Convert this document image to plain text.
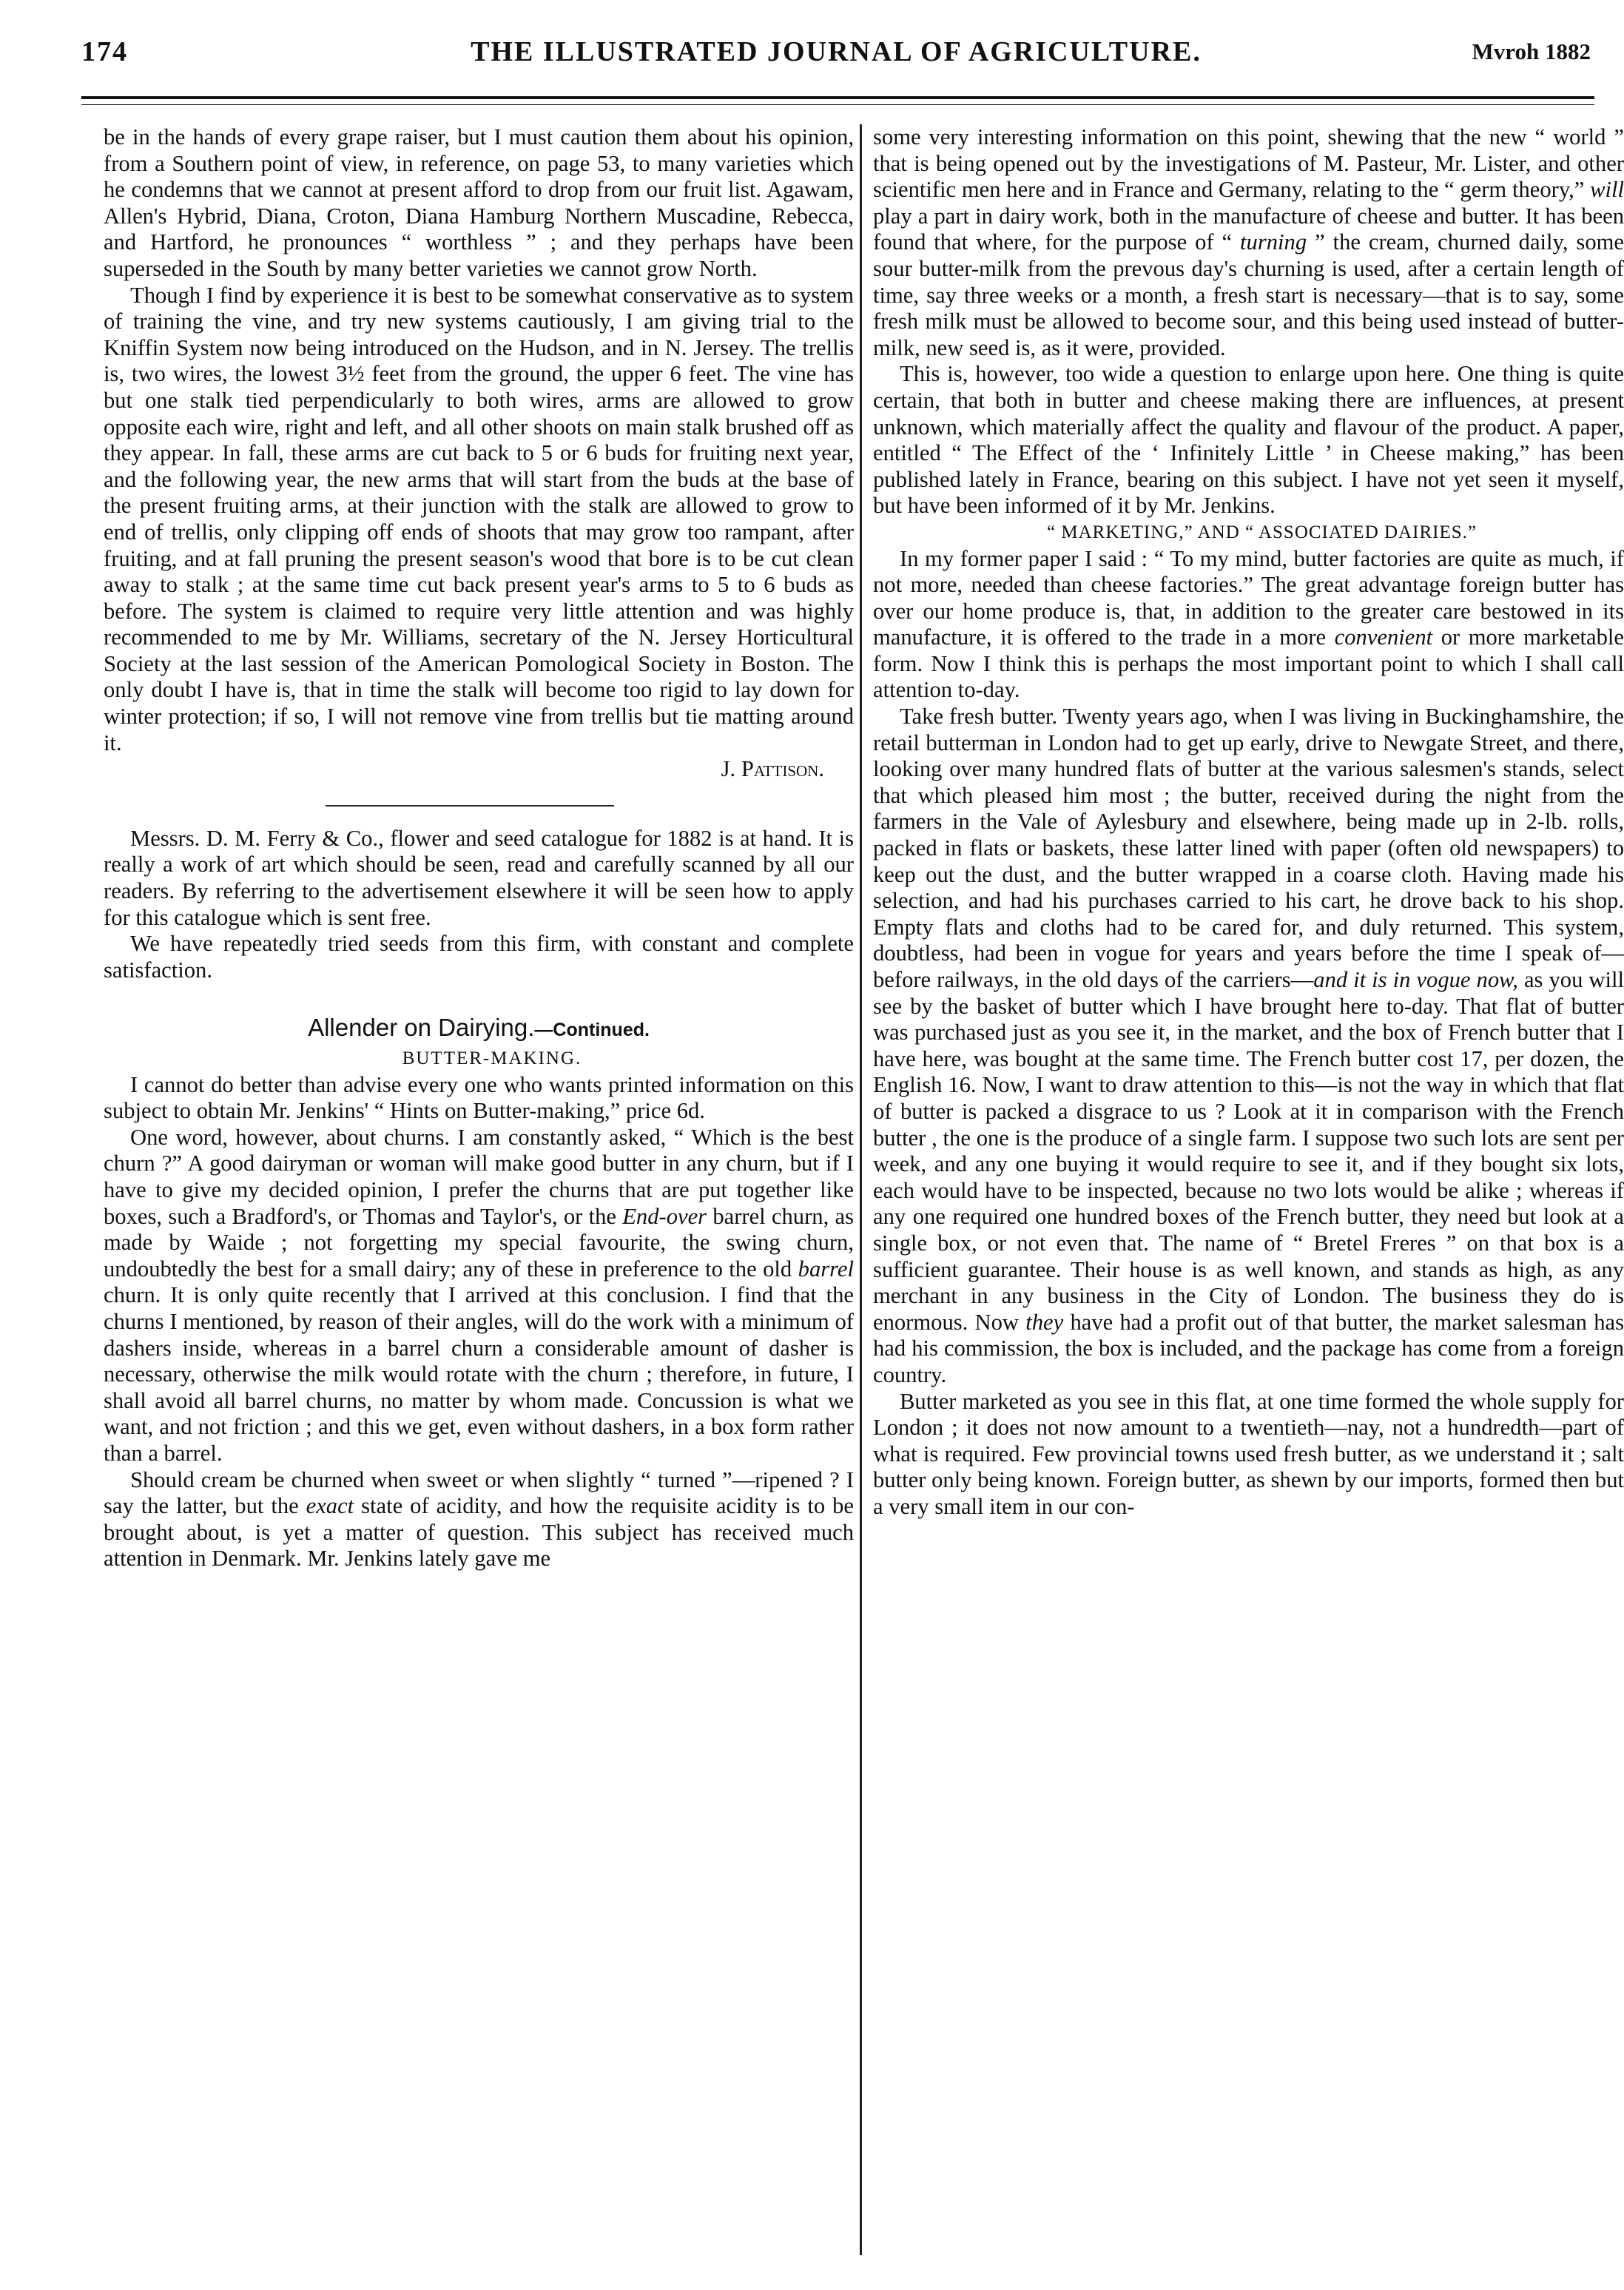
174	THE ILLUSTRATED JOURNAL OF AGRICULTURE.	Mvroh 1882

be in the hands of every grape raiser, but I must caution them about his opinion, from a Southern point of view, in reference, on page 53, to many varieties which he condemns that we cannot at present afford to drop from our fruit list. Agawam, Allen's Hybrid, Diana, Croton, Diana Hamburg Northern Muscadine, Rebecca, and Hartford, he pronounces “ worthless ” ; and they perhaps have been superseded in the South by many better varieties we cannot grow North.

Though I find by experience it is best to be somewhat conservative as to system of training the vine, and try new systems cautiously, I am giving trial to the Kniffin System now being introduced on the Hudson, and in N. Jersey. The trellis is, two wires, the lowest 3½ feet from the ground, the upper 6 feet. The vine has but one stalk tied perpendicularly to both wires, arms are allowed to grow opposite each wire, right and left, and all other shoots on main stalk brushed off as they appear. In fall, these arms are cut back to 5 or 6 buds for fruiting next year, and the following year, the new arms that will start from the buds at the base of the present fruiting arms, at their junction with the stalk are allowed to grow to end of trellis, only clipping off ends of shoots that may grow too rampant, after fruiting, and at fall pruning the present season's wood that bore is to be cut clean away to stalk ; at the same time cut back present year's arms to 5 to 6 buds as before. The system is claimed to require very little attention and was highly recommended to me by Mr. Williams, secretary of the N. Jersey Horticultural Society at the last session of the American Pomological Society in Boston. The only doubt I have is, that in time the stalk will become too rigid to lay down for winter protection; if so, I will not remove vine from trellis but tie matting around it.

J. Pattison.

Messrs. D. M. Ferry & Co., flower and seed catalogue for 1882 is at hand. It is really a work of art which should be seen, read and carefully scanned by all our readers. By referring to the advertisement elsewhere it will be seen how to apply for this catalogue which is sent free.

We have repeatedly tried seeds from this firm, with constant and complete satisfaction.

Allender on Dairying.—Continued.

BUTTER-MAKING.

I cannot do better than advise every one who wants printed information on this subject to obtain Mr. Jenkins' “ Hints on Butter-making,” price 6d.

One word, however, about churns. I am constantly asked, “ Which is the best churn ?” A good dairyman or woman will make good butter in any churn, but if I have to give my decided opinion, I prefer the churns that are put together like boxes, such a Bradford's, or Thomas and Taylor's, or the End-over barrel churn, as made by Waide ; not forgetting my special favourite, the swing churn, undoubtedly the best for a small dairy; any of these in preference to the old barrel churn. It is only quite recently that I arrived at this conclusion. I find that the churns I mentioned, by reason of their angles, will do the work with a minimum of dashers inside, whereas in a barrel churn a considerable amount of dasher is necessary, otherwise the milk would rotate with the churn ; therefore, in future, I shall avoid all barrel churns, no matter by whom made. Concussion is what we want, and not friction ; and this we get, even without dashers, in a box form rather than a barrel.

Should cream be churned when sweet or when slightly “ turned ”—ripened ? I say the latter, but the exact state of acidity, and how the requisite acidity is to be brought about, is yet a matter of question. This subject has received much attention in Denmark. Mr. Jenkins lately gave me

some very interesting information on this point, shewing that the new “ world ” that is being opened out by the investigations of M. Pasteur, Mr. Lister, and other scientific men here and in France and Germany, relating to the “ germ theory,” will play a part in dairy work, both in the manufacture of cheese and butter. It has been found that where, for the purpose of “ turning ” the cream, churned daily, some sour butter-milk from the prevous day's churning is used, after a certain length of time, say three weeks or a month, a fresh start is necessary—that is to say, some fresh milk must be allowed to become sour, and this being used instead of butter-milk, new seed is, as it were, provided.

This is, however, too wide a question to enlarge upon here. One thing is quite certain, that both in butter and cheese making there are influences, at present unknown, which materially affect the quality and flavour of the product. A paper, entitled “ The Effect of the ‘ Infinitely Little ’ in Cheese making,” has been published lately in France, bearing on this subject. I have not yet seen it myself, but have been informed of it by Mr. Jenkins.

“ MARKETING,” AND “ ASSOCIATED DAIRIES.”

In my former paper I said : “ To my mind, butter factories are quite as much, if not more, needed than cheese factories.” The great advantage foreign butter has over our home produce is, that, in addition to the greater care bestowed in its manufacture, it is offered to the trade in a more convenient or more marketable form. Now I think this is perhaps the most important point to which I shall call attention to-day.

Take fresh butter. Twenty years ago, when I was living in Buckinghamshire, the retail butterman in London had to get up early, drive to Newgate Street, and there, looking over many hundred flats of butter at the various salesmen's stands, select that which pleased him most ; the butter, received during the night from the farmers in the Vale of Aylesbury and elsewhere, being made up in 2-lb. rolls, packed in flats or baskets, these latter lined with paper (often old newspapers) to keep out the dust, and the butter wrapped in a coarse cloth. Having made his selection, and had his purchases carried to his cart, he drove back to his shop. Empty flats and cloths had to be cared for, and duly returned. This system, doubtless, had been in vogue for years and years before the time I speak of—before railways, in the old days of the carriers—and it is in vogue now, as you will see by the basket of butter which I have brought here to-day. That flat of butter was purchased just as you see it, in the market, and the box of French butter that I have here, was bought at the same time. The French butter cost 17, per dozen, the English 16. Now, I want to draw attention to this—is not the way in which that flat of butter is packed a disgrace to us ? Look at it in comparison with the French butter , the one is the produce of a single farm. I suppose two such lots are sent per week, and any one buying it would require to see it, and if they bought six lots, each would have to be inspected, because no two lots would be alike ; whereas if any one required one hundred boxes of the French butter, they need but look at a single box, or not even that. The name of “ Bretel Freres ” on that box is a sufficient guarantee. Their house is as well known, and stands as high, as any merchant in any business in the City of London. The business they do is enormous. Now they have had a profit out of that butter, the market salesman has had his commission, the box is included, and the package has come from a foreign country.

Butter marketed as you see in this flat, at one time formed the whole supply for London ; it does not now amount to a twentieth—nay, not a hundredth—part of what is required. Few provincial towns used fresh butter, as we understand it ; salt butter only being known. Foreign butter, as shewn by our imports, formed then but a very small item in our con-
